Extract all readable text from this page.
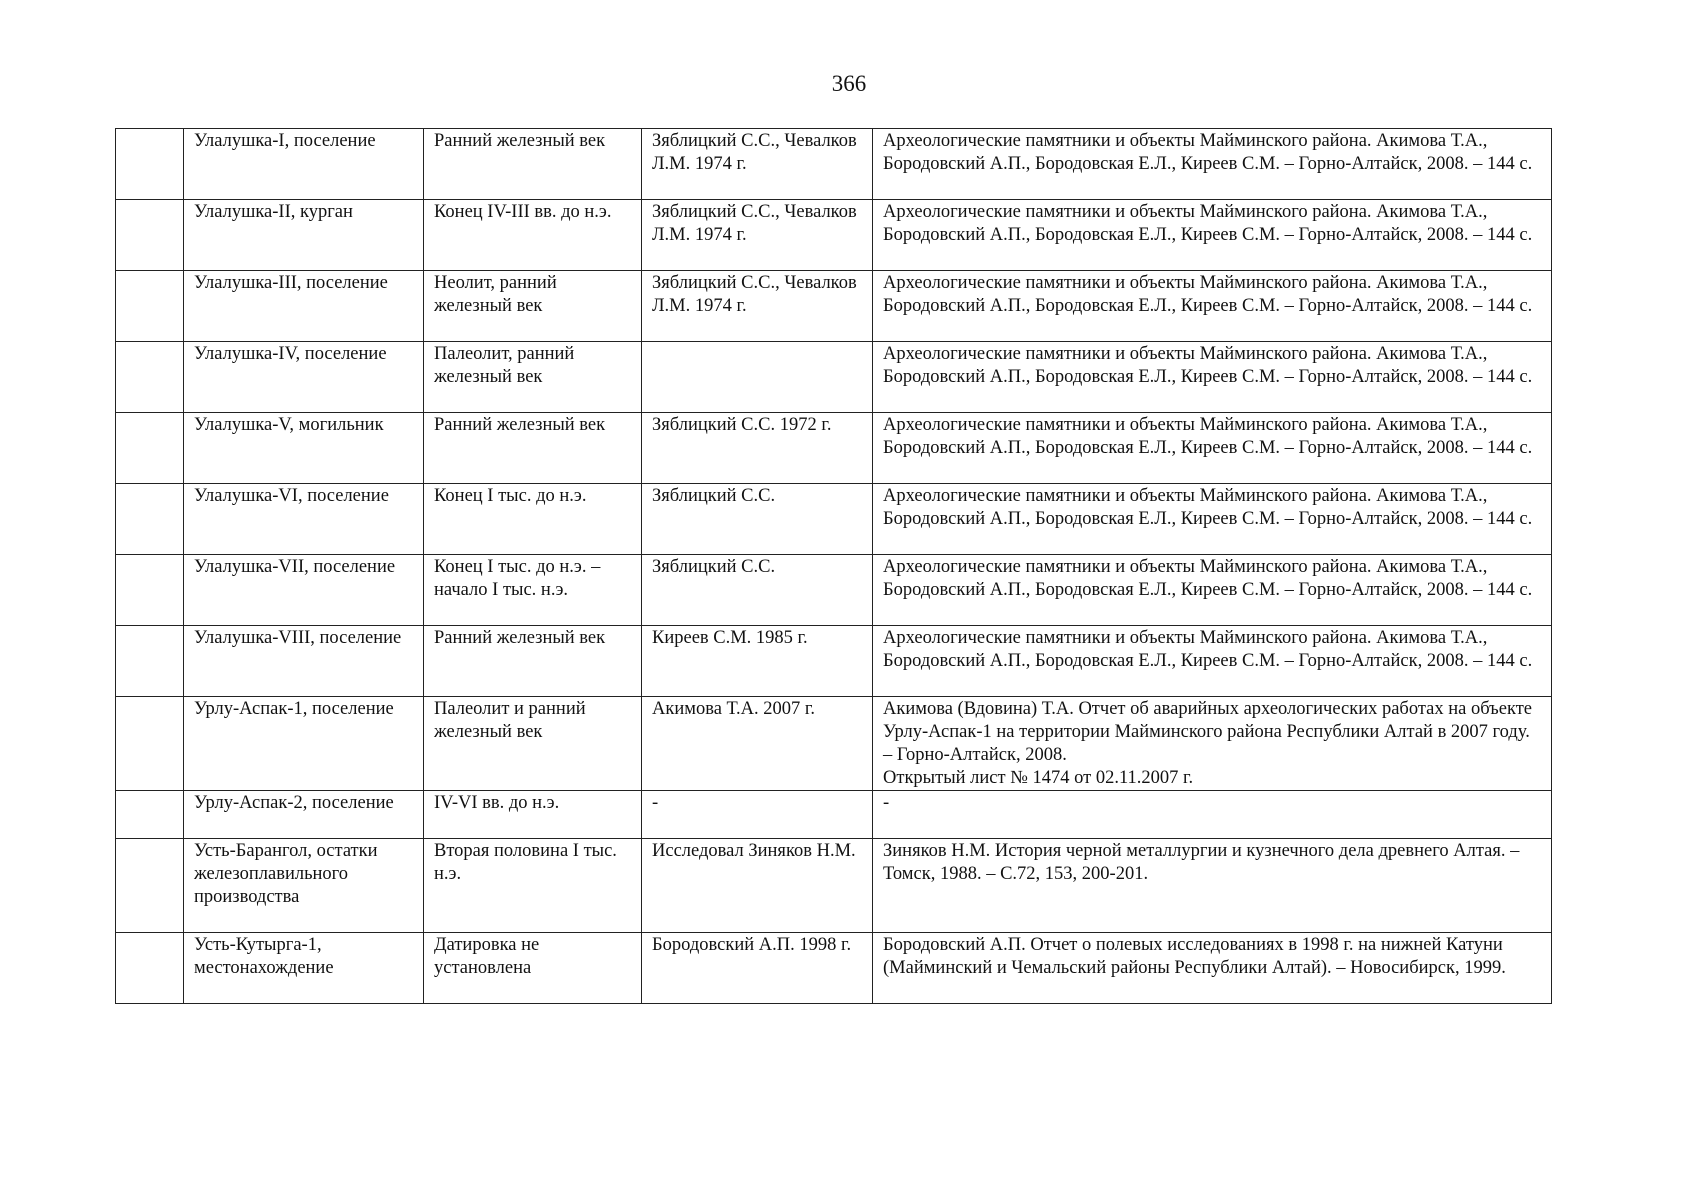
366
	Улалушка-I, поселение	Ранний железный век	Зяблицкий С.С., Чевалков Л.М. 1974 г.	Археологические памятники и объекты Майминского района. Акимова Т.А., Бородовский А.П., Бородовская Е.Л., Киреев С.М. – Горно-Алтайск, 2008. – 144 с.

	Улалушка-II, курган	Конец IV-III вв. до н.э.	Зяблицкий С.С., Чевалков Л.М. 1974 г.	Археологические памятники и объекты Майминского района. Акимова Т.А., Бородовский А.П., Бородовская Е.Л., Киреев С.М. – Горно-Алтайск, 2008. – 144 с.

	Улалушка-III, поселение	Неолит, ранний железный век	Зяблицкий С.С., Чевалков Л.М. 1974 г.	Археологические памятники и объекты Майминского района. Акимова Т.А., Бородовский А.П., Бородовская Е.Л., Киреев С.М. – Горно-Алтайск, 2008. – 144 с.

	Улалушка-IV, поселение	Палеолит, ранний железный век		Археологические памятники и объекты Майминского района. Акимова Т.А., Бородовский А.П., Бородовская Е.Л., Киреев С.М. – Горно-Алтайск, 2008. – 144 с.

	Улалушка-V, могильник	Ранний железный век	Зяблицкий С.С. 1972 г.	Археологические памятники и объекты Майминского района. Акимова Т.А., Бородовский А.П., Бородовская Е.Л., Киреев С.М. – Горно-Алтайск, 2008. – 144 с.

	Улалушка-VI, поселение	Конец I тыс. до н.э.	Зяблицкий С.С.	Археологические памятники и объекты Майминского района. Акимова Т.А., Бородовский А.П., Бородовская Е.Л., Киреев С.М. – Горно-Алтайск, 2008. – 144 с.

	Улалушка-VII, поселение	Конец I тыс. до н.э. – начало I тыс. н.э.	Зяблицкий С.С.	Археологические памятники и объекты Майминского района. Акимова Т.А., Бородовский А.П., Бородовская Е.Л., Киреев С.М. – Горно-Алтайск, 2008. – 144 с.

	Улалушка-VIII, поселение	Ранний железный век	Киреев С.М. 1985 г.	Археологические памятники и объекты Майминского района. Акимова Т.А., Бородовский А.П., Бородовская Е.Л., Киреев С.М. – Горно-Алтайск, 2008. – 144 с.

	Урлу-Аспак-1, поселение	Палеолит и ранний железный век	Акимова Т.А. 2007 г.	Акимова (Вдовина) Т.А. Отчет об аварийных археологических работах на объекте Урлу-Аспак-1 на территории Майминского района Республики Алтай в 2007 году. – Горно-Алтайск, 2008.
Открытый лист № 1474 от 02.11.2007 г.

	Урлу-Аспак-2, поселение	IV-VI вв. до н.э.	-	-

	Усть-Барангол, остатки железоплавильного производства	Вторая половина I тыс. н.э.	Исследовал Зиняков Н.М.	Зиняков Н.М. История черной металлургии и кузнечного дела древнего Алтая. – Томск, 1988. – С.72, 153, 200-201.

	Усть-Кутырга-1, местонахождение	Датировка не установлена	Бородовский А.П. 1998 г.	Бородовский А.П. Отчет о полевых исследованиях в 1998 г. на нижней Катуни (Майминский и Чемальский районы Республики Алтай). – Новосибирск, 1999.
